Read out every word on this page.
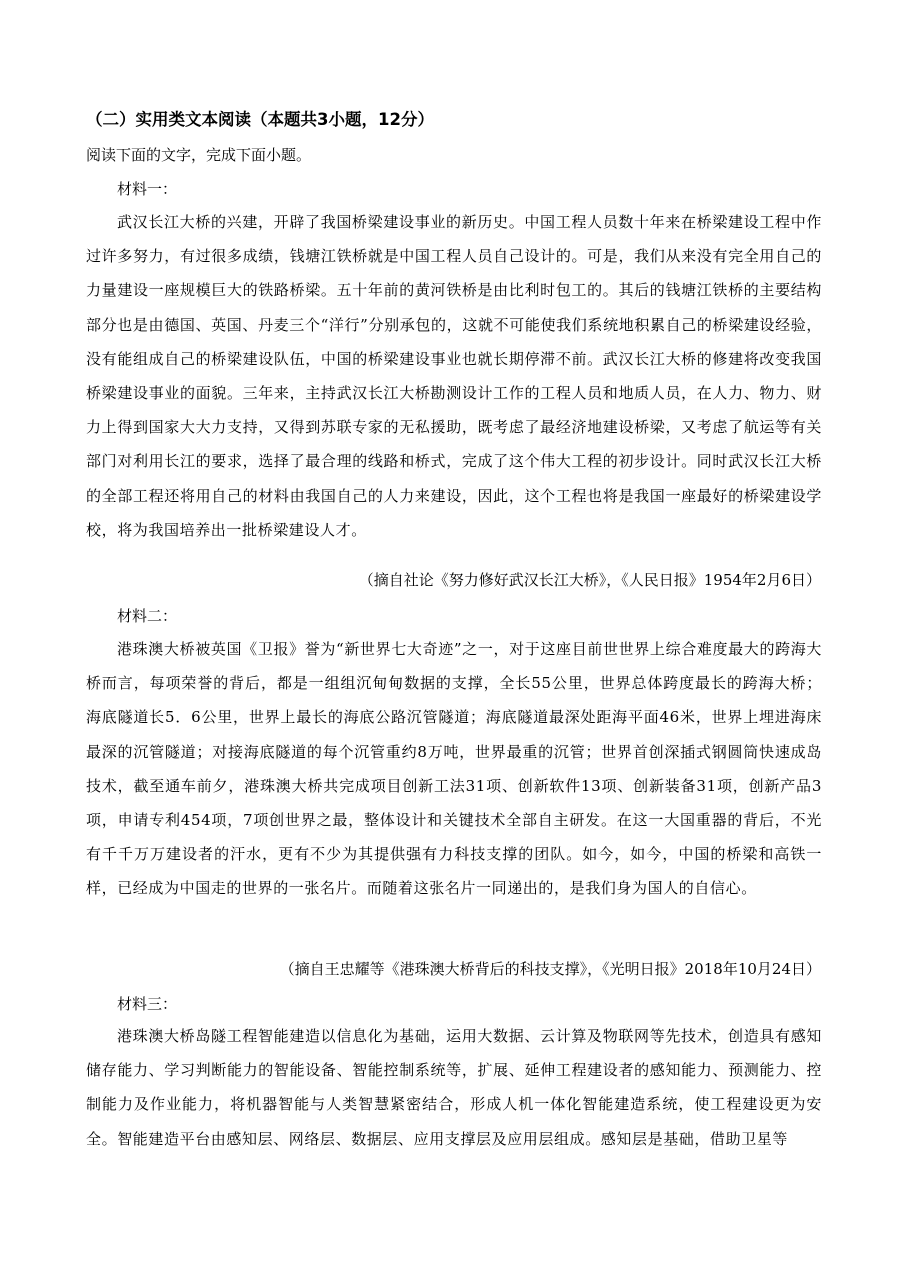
（二）实用类文本阅读（本题共3小题，12分）
阅读下面的文字，完成下面小题。
材料一：

武汉长江大桥的兴建，开辟了我国桥梁建设事业的新历史。中国工程人员数十年来在桥梁建设工程中作过许多努力，有过很多成绩，钱塘江铁桥就是中国工程人员自己设计的。可是，我们从来没有完全用自己的力量建设一座规模巨大的铁路桥梁。五十年前的黄河铁桥是由比利时包工的。其后的钱塘江铁桥的主要结构部分也是由德国、英国、丹麦三个“洋行”分别承包的，这就不可能使我们系统地积累自己的桥梁建设经验，没有能组成自己的桥梁建设队伍，中国的桥梁建设事业也就长期停滞不前。武汉长江大桥的修建将改变我国桥梁建设事业的面貌。三年来，主持武汉长江大桥勘测设计工作的工程人员和地质人员，在人力、物力、财力上得到国家大大力支持，又得到苏联专家的无私援助，既考虑了最经济地建设桥梁，又考虑了航运等有关部门对利用长江的要求，选择了最合理的线路和桥式，完成了这个伟大工程的初步设计。同时武汉长江大桥的全部工程还将用自己的材料由我国自己的人力来建设，因此，这个工程也将是我国一座最好的桥梁建设学校，将为我国培养出一批桥梁建设人才。

（摘自社论《努力修好武汉长江大桥》，《人民日报》1954年2月6日）
材料二：

港珠澳大桥被英国《卫报》誉为“新世界七大奇迹”之一，对于这座目前世世界上综合难度最大的跨海大桥而言，每项荣誉的背后，都是一组组沉甸甸数据的支撑，全长55公里，世界总体跨度最长的跨海大桥；海底隧道长5．6公里，世界上最长的海底公路沉管隧道；海底隧道最深处距海平面46米，世界上埋进海床最深的沉管隧道；对接海底隧道的每个沉管重约8万吨，世界最重的沉管；世界首创深插式钢圆筒快速成岛技术，截至通车前夕，港珠澳大桥共完成项目创新工法31项、创新软件13项、创新装备31项，创新产品3项，申请专利454项，7项创世界之最，整体设计和关键技术全部自主研发。在这一大国重器的背后，不光有千千万万建设者的汗水，更有不少为其提供强有力科技支撑的团队。如今，如今，中国的桥梁和高铁一样，已经成为中国走的世界的一张名片。而随着这张名片一同递出的，是我们身为国人的自信心。

（摘自王忠耀等《港珠澳大桥背后的科技支撑》，《光明日报》2018年10月24日）
材料三：

港珠澳大桥岛隧工程智能建造以信息化为基础，运用大数据、云计算及物联网等先技术，创造具有感知储存能力、学习判断能力的智能设备、智能控制系统等，扩展、延伸工程建设者的感知能力、预测能力、控制能力及作业能力，将机器智能与人类智慧紧密结合，形成人机一体化智能建造系统，使工程建设更为安全。智能建造平台由感知层、网络层、数据层、应用支撑层及应用层组成。感知层是基础，借助卫星等
